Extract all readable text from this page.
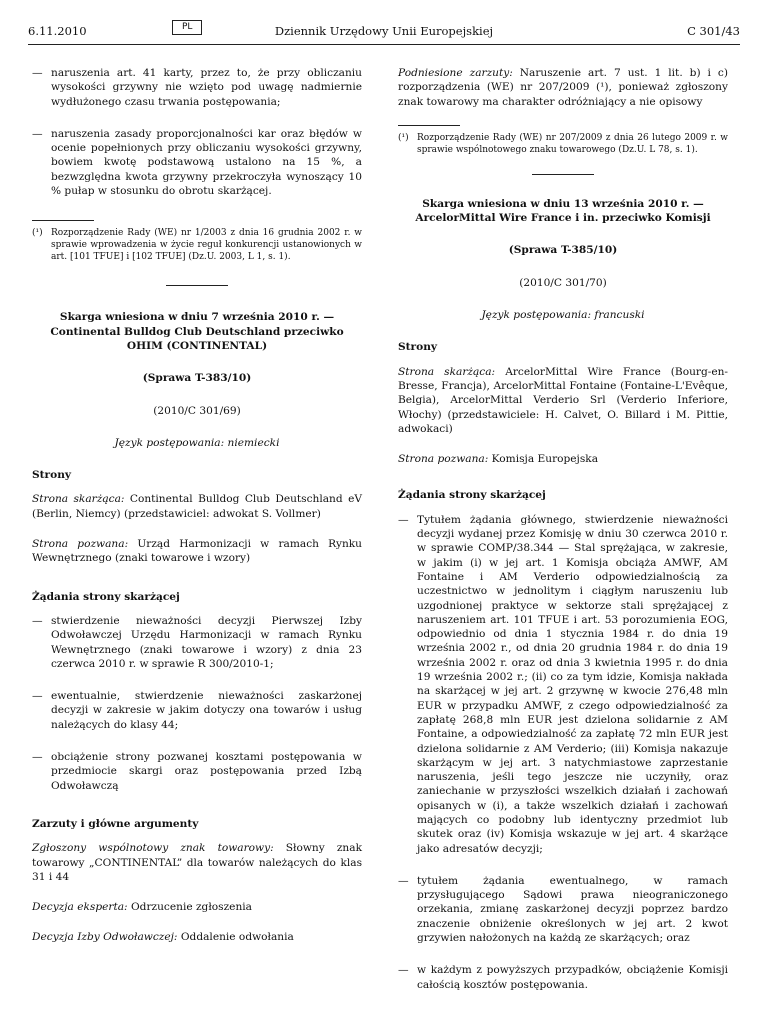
6.11.2010	PL	Dziennik Urzędowy Unii Europejskiej	C 301/43
— naruszenia art. 41 karty, przez to, że przy obliczaniu wysokości grzywny nie wzięto pod uwagę nadmiernie wydłużonego czasu trwania postępowania;
— naruszenia zasady proporcjonalności kar oraz błędów w ocenie popełnionych przy obliczaniu wysokości grzywny, bowiem kwotę podstawową ustalono na 15 %, a bezwzględna kwota grzywny przekroczyła wynoszący 10 % pułap w stosunku do obrotu skarżącej.

(¹) Rozporządzenie Rady (WE) nr 1/2003 z dnia 16 grudnia 2002 r. w sprawie wprowadzenia w życie reguł konkurencji ustanowionych w art. [101 TFUE] i [102 TFUE] (Dz.U. 2003, L 1, s. 1).

Skarga wniesiona w dniu 7 września 2010 r. — Continental Bulldog Club Deutschland przeciwko OHIM (CONTINENTAL)

(Sprawa T-383/10)

(2010/C 301/69)

Język postępowania: niemiecki

Strony

Strona skarżąca: Continental Bulldog Club Deutschland eV (Berlin, Niemcy) (przedstawiciel: adwokat S. Vollmer)

Strona pozwana: Urząd Harmonizacji w ramach Rynku Wewnętrznego (znaki towarowe i wzory)

Żądania strony skarżącej

— stwierdzenie nieważności decyzji Pierwszej Izby Odwoławczej Urzędu Harmonizacji w ramach Rynku Wewnętrznego (znaki towarowe i wzory) z dnia 23 czerwca 2010 r. w sprawie R 300/2010-1;
— ewentualnie, stwierdzenie nieważności zaskarżonej decyzji w zakresie w jakim dotyczy ona towarów i usług należących do klasy 44;
— obciążenie strony pozwanej kosztami postępowania w przedmiocie skargi oraz postępowania przed Izbą Odwoławczą

Zarzuty i główne argumenty

Zgłoszony wspólnotowy znak towarowy: Słowny znak towarowy „CONTINENTAL” dla towarów należących do klas 31 i 44

Decyzja eksperta: Odrzucenie zgłoszenia

Decyzja Izby Odwoławczej: Oddalenie odwołania

Podniesione zarzuty: Naruszenie art. 7 ust. 1 lit. b) i c) rozporządzenia (WE) nr 207/2009 (¹), ponieważ zgłoszony znak towarowy ma charakter odróżniający a nie opisowy

(¹) Rozporządzenie Rady (WE) nr 207/2009 z dnia 26 lutego 2009 r. w sprawie wspólnotowego znaku towarowego (Dz.U. L 78, s. 1).

Skarga wniesiona w dniu 13 września 2010 r. — ArcelorMittal Wire France i in. przeciwko Komisji

(Sprawa T-385/10)

(2010/C 301/70)

Język postępowania: francuski

Strony

Strona skarżąca: ArcelorMittal Wire France (Bourg-en-Bresse, Francja), ArcelorMittal Fontaine (Fontaine-L'Evêque, Belgia), ArcelorMittal Verderio Srl (Verderio Inferiore, Włochy) (przedstawiciele: H. Calvet, O. Billard i M. Pittie, adwokaci)

Strona pozwana: Komisja Europejska

Żądania strony skarżącej

— Tytułem żądania głównego, stwierdzenie nieważności decyzji wydanej przez Komisję w dniu 30 czerwca 2010 r. w sprawie COMP/38.344 — Stal sprężająca, w zakresie, w jakim (i) w jej art. 1 Komisja obciąża AMWF, AM Fontaine i AM Verderio odpowiedzialnością za uczestnictwo w jednolitym i ciągłym naruszeniu lub uzgodnionej praktyce w sektorze stali sprężającej z naruszeniem art. 101 TFUE i art. 53 porozumienia EOG, odpowiednio od dnia 1 stycznia 1984 r. do dnia 19 września 2002 r., od dnia 20 grudnia 1984 r. do dnia 19 września 2002 r. oraz od dnia 3 kwietnia 1995 r. do dnia 19 września 2002 r.; (ii) co za tym idzie, Komisja nakłada na skarżącej w jej art. 2 grzywnę w kwocie 276,48 mln EUR w przypadku AMWF, z czego odpowiedzialność za zapłatę 268,8 mln EUR jest dzielona solidarnie z AM Fontaine, a odpowiedzialność za zapłatę 72 mln EUR jest dzielona solidarnie z AM Verderio; (iii) Komisja nakazuje skarżącym w jej art. 3 natychmiastowe zaprzestanie naruszenia, jeśli tego jeszcze nie uczyniły, oraz zaniechanie w przyszłości wszelkich działań i zachowań opisanych w (i), a także wszelkich działań i zachowań mających co podobny lub identyczny przedmiot lub skutek oraz (iv) Komisja wskazuje w jej art. 4 skarżące jako adresatów decyzji;
— tytułem żądania ewentualnego, w ramach przysługującego Sądowi prawa nieograniczonego orzekania, zmianę zaskarżonej decyzji poprzez bardzo znaczenie obniżenie określonych w jej art. 2 kwot grzywien nałożonych na każdą ze skarżących; oraz
— w każdym z powyższych przypadków, obciążenie Komisji całością kosztów postępowania.
